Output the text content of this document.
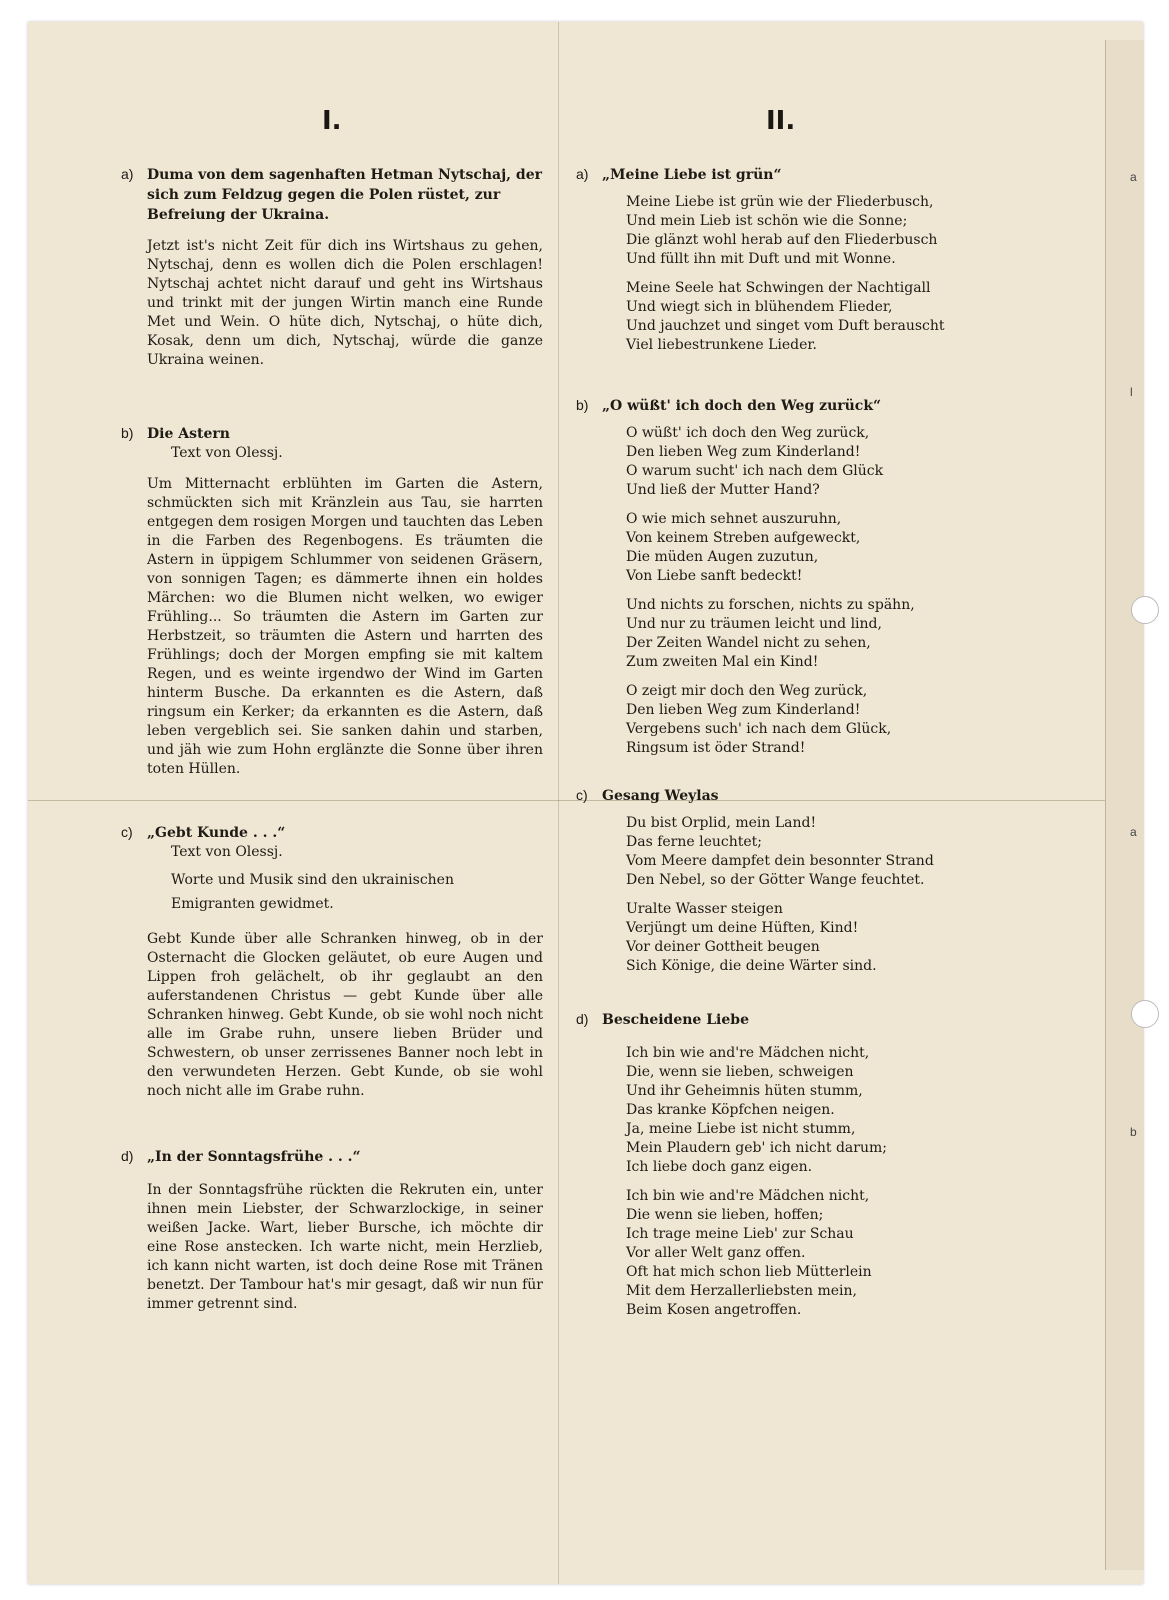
a
l
a
b
I.
a) Duma von dem sagenhaften Hetman Nytschaj, der sich zum Feldzug gegen die Polen rüstet, zur Befreiung der Ukraina.

Jetzt ist's nicht Zeit für dich ins Wirtshaus zu gehen, Nytschaj, denn es wollen dich die Polen erschlagen! Nytschaj achtet nicht darauf und geht ins Wirtshaus und trinkt mit der jungen Wirtin manch eine Runde Met und Wein. O hüte dich, Nytschaj, o hüte dich, Kosak, denn um dich, Nytschaj, würde die ganze Ukraina weinen.

b) Die Astern
Text von Olessj.

Um Mitternacht erblühten im Garten die Astern, schmückten sich mit Kränzlein aus Tau, sie harrten entgegen dem rosigen Morgen und tauchten das Leben in die Farben des Regenbogens. Es träumten die Astern in üppigem Schlummer von seidenen Gräsern, von sonnigen Tagen; es dämmerte ihnen ein holdes Märchen: wo die Blumen nicht welken, wo ewiger Frühling... So träumten die Astern im Garten zur Herbstzeit, so träumten die Astern und harrten des Frühlings; doch der Morgen empfing sie mit kaltem Regen, und es weinte irgendwo der Wind im Garten hinterm Busche. Da erkannten es die Astern, daß ringsum ein Kerker; da erkannten es die Astern, daß leben vergeblich sei. Sie sanken dahin und starben, und jäh wie zum Hohn erglänzte die Sonne über ihren toten Hüllen.

c) „Gebt Kunde . . .“
Text von Olessj.
Worte und Musik sind den ukrainischen Emigranten gewidmet.

Gebt Kunde über alle Schranken hinweg, ob in der Osternacht die Glocken geläutet, ob eure Augen und Lippen froh gelächelt, ob ihr geglaubt an den auferstandenen Christus — gebt Kunde über alle Schranken hinweg. Gebt Kunde, ob sie wohl noch nicht alle im Grabe ruhn, unsere lieben Brüder und Schwestern, ob unser zerrissenes Banner noch lebt in den verwundeten Herzen. Gebt Kunde, ob sie wohl noch nicht alle im Grabe ruhn.

d) „In der Sonntagsfrühe . . .“

In der Sonntagsfrühe rückten die Rekruten ein, unter ihnen mein Liebster, der Schwarzlockige, in seiner weißen Jacke. Wart, lieber Bursche, ich möchte dir eine Rose anstecken. Ich warte nicht, mein Herzlieb, ich kann nicht warten, ist doch deine Rose mit Tränen benetzt. Der Tambour hat's mir gesagt, daß wir nun für immer getrennt sind.

II.
a) „Meine Liebe ist grün“
Meine Liebe ist grün wie der Fliederbusch,
Und mein Lieb ist schön wie die Sonne;
Die glänzt wohl herab auf den Fliederbusch
Und füllt ihn mit Duft und mit Wonne.
Meine Seele hat Schwingen der Nachtigall
Und wiegt sich in blühendem Flieder,
Und jauchzet und singet vom Duft berauscht
Viel liebestrunkene Lieder.
b) „O wüßt' ich doch den Weg zurück“
O wüßt' ich doch den Weg zurück,
Den lieben Weg zum Kinderland!
O warum sucht' ich nach dem Glück
Und ließ der Mutter Hand?
O wie mich sehnet auszuruhn,
Von keinem Streben aufgeweckt,
Die müden Augen zuzutun,
Von Liebe sanft bedeckt!
Und nichts zu forschen, nichts zu spähn,
Und nur zu träumen leicht und lind,
Der Zeiten Wandel nicht zu sehen,
Zum zweiten Mal ein Kind!
O zeigt mir doch den Weg zurück,
Den lieben Weg zum Kinderland!
Vergebens such' ich nach dem Glück,
Ringsum ist öder Strand!
c) Gesang Weylas
Du bist Orplid, mein Land!
Das ferne leuchtet;
Vom Meere dampfet dein besonnter Strand
Den Nebel, so der Götter Wange feuchtet.
Uralte Wasser steigen
Verjüngt um deine Hüften, Kind!
Vor deiner Gottheit beugen
Sich Könige, die deine Wärter sind.
d) Bescheidene Liebe
Ich bin wie and're Mädchen nicht,
Die, wenn sie lieben, schweigen
Und ihr Geheimnis hüten stumm,
Das kranke Köpfchen neigen.
Ja, meine Liebe ist nicht stumm,
Mein Plaudern geb' ich nicht darum;
Ich liebe doch ganz eigen.
Ich bin wie and're Mädchen nicht,
Die wenn sie lieben, hoffen;
Ich trage meine Lieb' zur Schau
Vor aller Welt ganz offen.
Oft hat mich schon lieb Mütterlein
Mit dem Herzallerliebsten mein,
Beim Kosen angetroffen.
